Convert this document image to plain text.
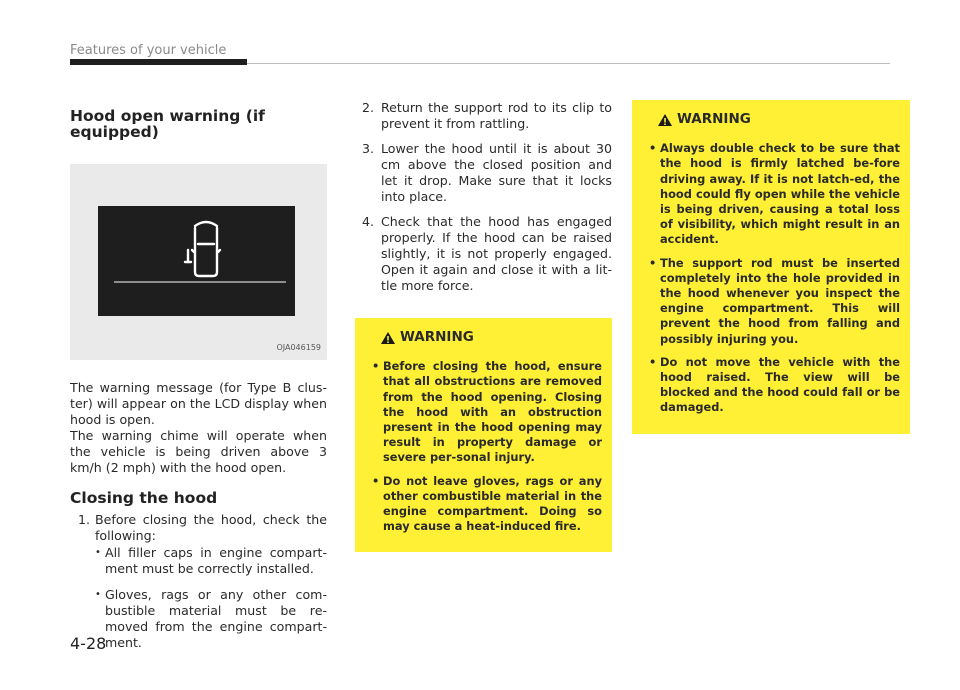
Features of your vehicle
Hood open warning (if equipped)
OJA046159

The warning message (for Type B clus-ter) will appear on the LCD display when hood is open.

The warning chime will operate when the vehicle is being driven above 3 km/h (2 mph) with the hood open.

Closing the hood
1. Before closing the hood, check the following:
• All filler caps in engine compart-ment must be correctly installed.
• Gloves, rags or any other com-bustible material must be re-moved from the engine compart-ment.
2. Return the support rod to its clip to prevent it from rattling.
3. Lower the hood until it is about 30 cm above the closed position and let it drop. Make sure that it locks into place.
4. Check that the hood has engaged properly. If the hood can be raised slightly, it is not properly engaged. Open it again and close it with a lit-tle more force.
WARNING
• Before closing the hood, ensure that all obstructions are removed from the hood opening. Closing the hood with an obstruction present in the hood opening may result in property damage or severe per-sonal injury.
• Do not leave gloves, rags or any other combustible material in the engine compartment. Doing so may cause a heat-induced fire.
WARNING
• Always double check to be sure that the hood is firmly latched be-fore driving away. If it is not latch-ed, the hood could fly open while the vehicle is being driven, causing a total loss of visibility, which might result in an accident.
• The support rod must be inserted completely into the hole provided in the hood whenever you inspect the engine compartment. This will prevent the hood from falling and possibly injuring you.
• Do not move the vehicle with the hood raised. The view will be blocked and the hood could fall or be damaged.
4-28
